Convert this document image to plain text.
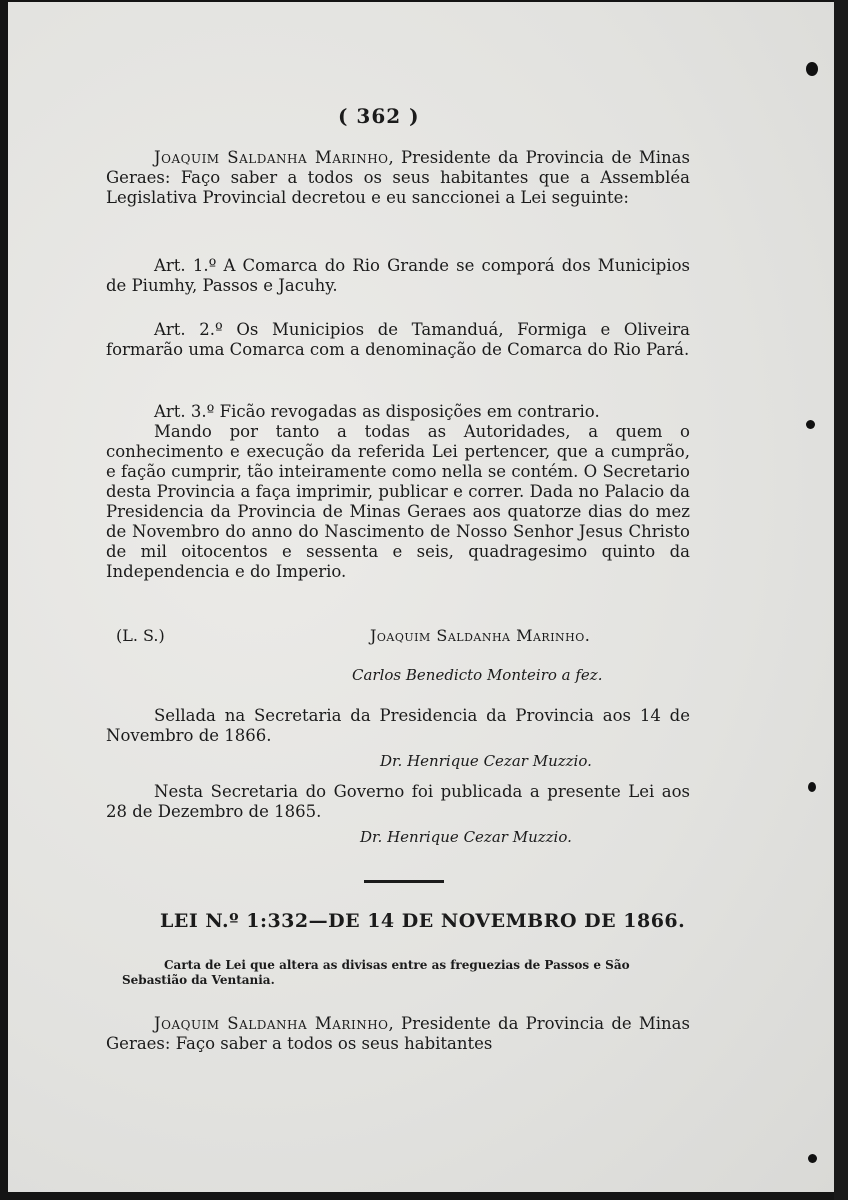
( 362 )

Joaquim Saldanha Marinho, Presidente da Provincia de Minas Geraes: Faço saber a todos os seus habitantes que a Assembléa Legislativa Provincial decretou e eu sanccionei a Lei seguinte:

Art. 1.º A Comarca do Rio Grande se comporá dos Municipios de Piumhy, Passos e Jacuhy.

Art. 2.º Os Municipios de Tamanduá, Formiga e Oliveira formarão uma Comarca com a denominação de Comarca do Rio Pará.

Art. 3.º Ficão revogadas as disposições em contrario.

Mando por tanto a todas as Autoridades, a quem o conhecimento e execução da referida Lei pertencer, que a cumprão, e fação cumprir, tão inteiramente como nella se contém. O Secretario desta Provincia a faça imprimir, publicar e correr. Dada no Palacio da Presidencia da Provincia de Minas Geraes aos quatorze dias do mez de Novembro do anno do Nascimento de Nosso Senhor Jesus Christo de mil oitocentos e sessenta e seis, quadragesimo quinto da Independencia e do Imperio.

(L. S.)	Joaquim Saldanha Marinho.
Carlos Benedicto Monteiro a fez.

Sellada na Secretaria da Presidencia da Provincia aos 14 de Novembro de 1866.

Dr. Henrique Cezar Muzzio.

Nesta Secretaria do Governo foi publicada a presente Lei aos 28 de Dezembro de 1865.

Dr. Henrique Cezar Muzzio.
LEI N.º 1:332—DE 14 DE NOVEMBRO DE 1866.
Carta de Lei que altera as divisas entre as freguezias de Passos e São Sebastião da Ventania.

Joaquim Saldanha Marinho, Presidente da Provincia de Minas Geraes: Faço saber a todos os seus habitantes
